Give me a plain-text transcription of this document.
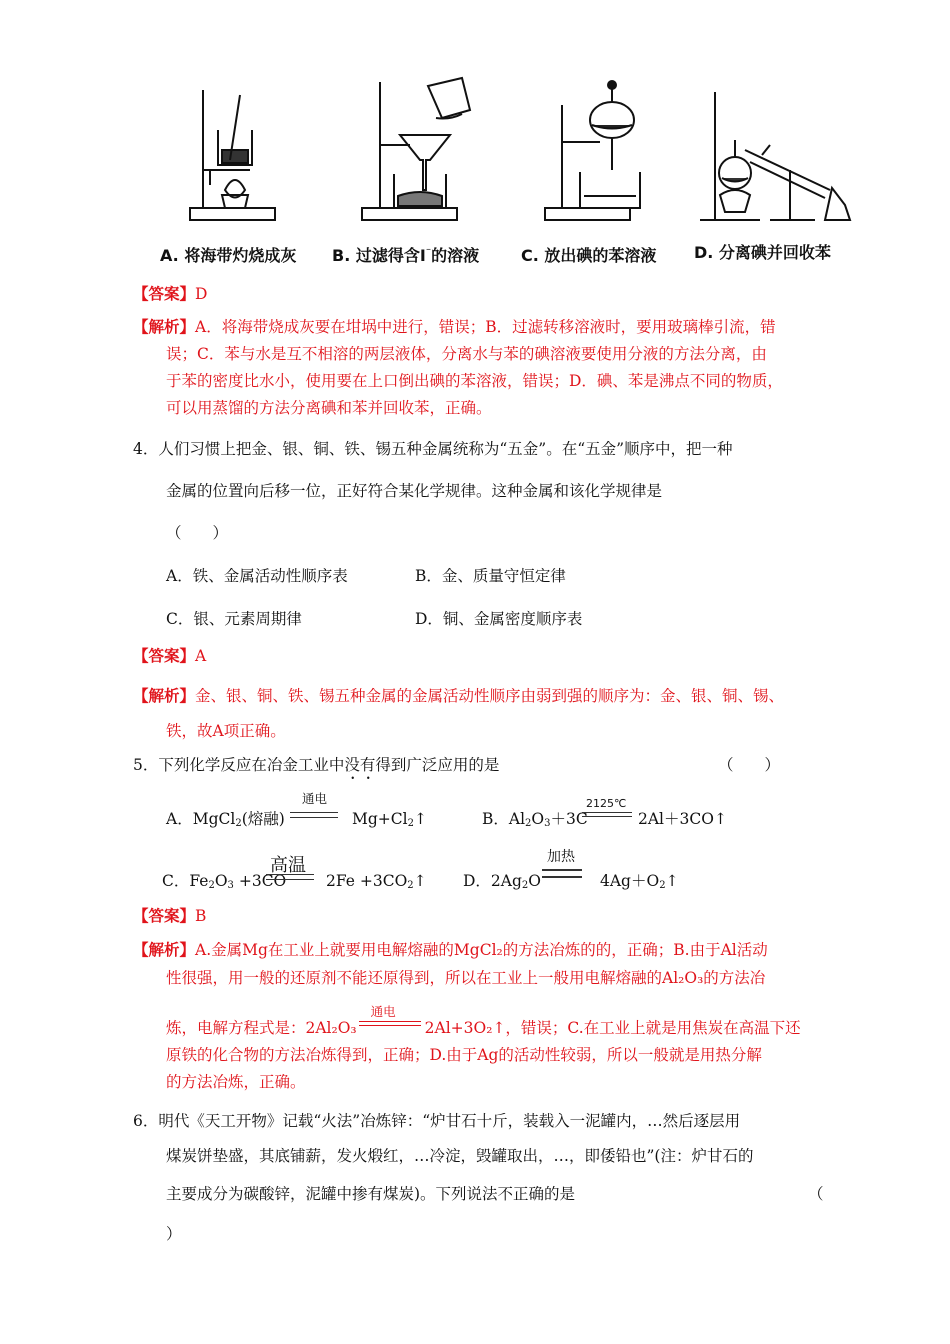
A. 将海带灼烧成灰 B. 过滤得含I⁻的溶液	C. 放出碘的苯溶液 D. 分离碘并回收苯
【答案】D
【解析】A．将海带烧成灰要在坩埚中进行，错误；B．过滤转移溶液时，要用玻璃棒引流，错
误；C．苯与水是互不相溶的两层液体，分离水与苯的碘溶液要使用分液的方法分离，由
于苯的密度比水小，使用要在上口倒出碘的苯溶液，错误；D．碘、苯是沸点不同的物质，
可以用蒸馏的方法分离碘和苯并回收苯，正确。
4．人们习惯上把金、银、铜、铁、锡五种金属统称为“五金”。在“五金”顺序中，把一种
金属的位置向后移一位，正好符合某化学规律。这种金属和该化学规律是
（　　）
A．铁、金属活动性顺序表	B．金、质量守恒定律
C．银、元素周期律	D．铜、金属密度顺序表
【答案】A
【解析】金、银、铜、铁、锡五种金属的金属活动性顺序由弱到强的顺序为：金、银、铜、锡、
铁，故A项正确。
5．下列化学反应在冶金工业中没有得到广泛应用的是	（　　）
A．MgCl$_2$(熔融)
通电
$Mg+Cl_2↑$	B．$Al_2O_3+3C$
2125℃
2Al＋3CO↑
C．$Fe_2O_3 +3CO$
高温
$2Fe +3CO_2↑$ D．$2Ag_2O$
加热
$4Ag+O_2↑$
【答案】B
【解析】A.金属Mg在工业上就要用电解熔融的MgCl₂的方法冶炼的的，正确；B.由于Al活动
性很强，用一般的还原剂不能还原得到，所以在工业上一般用电解熔融的Al₂O₃的方法冶
炼，电解方程式是：2Al₂O₃
通电
2Al+3O₂↑，错误；C.在工业上就是用焦炭在高温下还
原铁的化合物的方法冶炼得到，正确；D.由于Ag的活动性较弱，所以一般就是用热分解
的方法冶炼，正确。
6．明代《天工开物》记载“火法”冶炼锌：“炉甘石十斤，装载入一泥罐内，…然后逐层用
煤炭饼垫盛，其底铺薪，发火煅红，…冷淀，毁罐取出，…，即倭铅也”(注：炉甘石的
主要成分为碳酸锌，泥罐中掺有煤炭)。下列说法不正确的是	（
）
